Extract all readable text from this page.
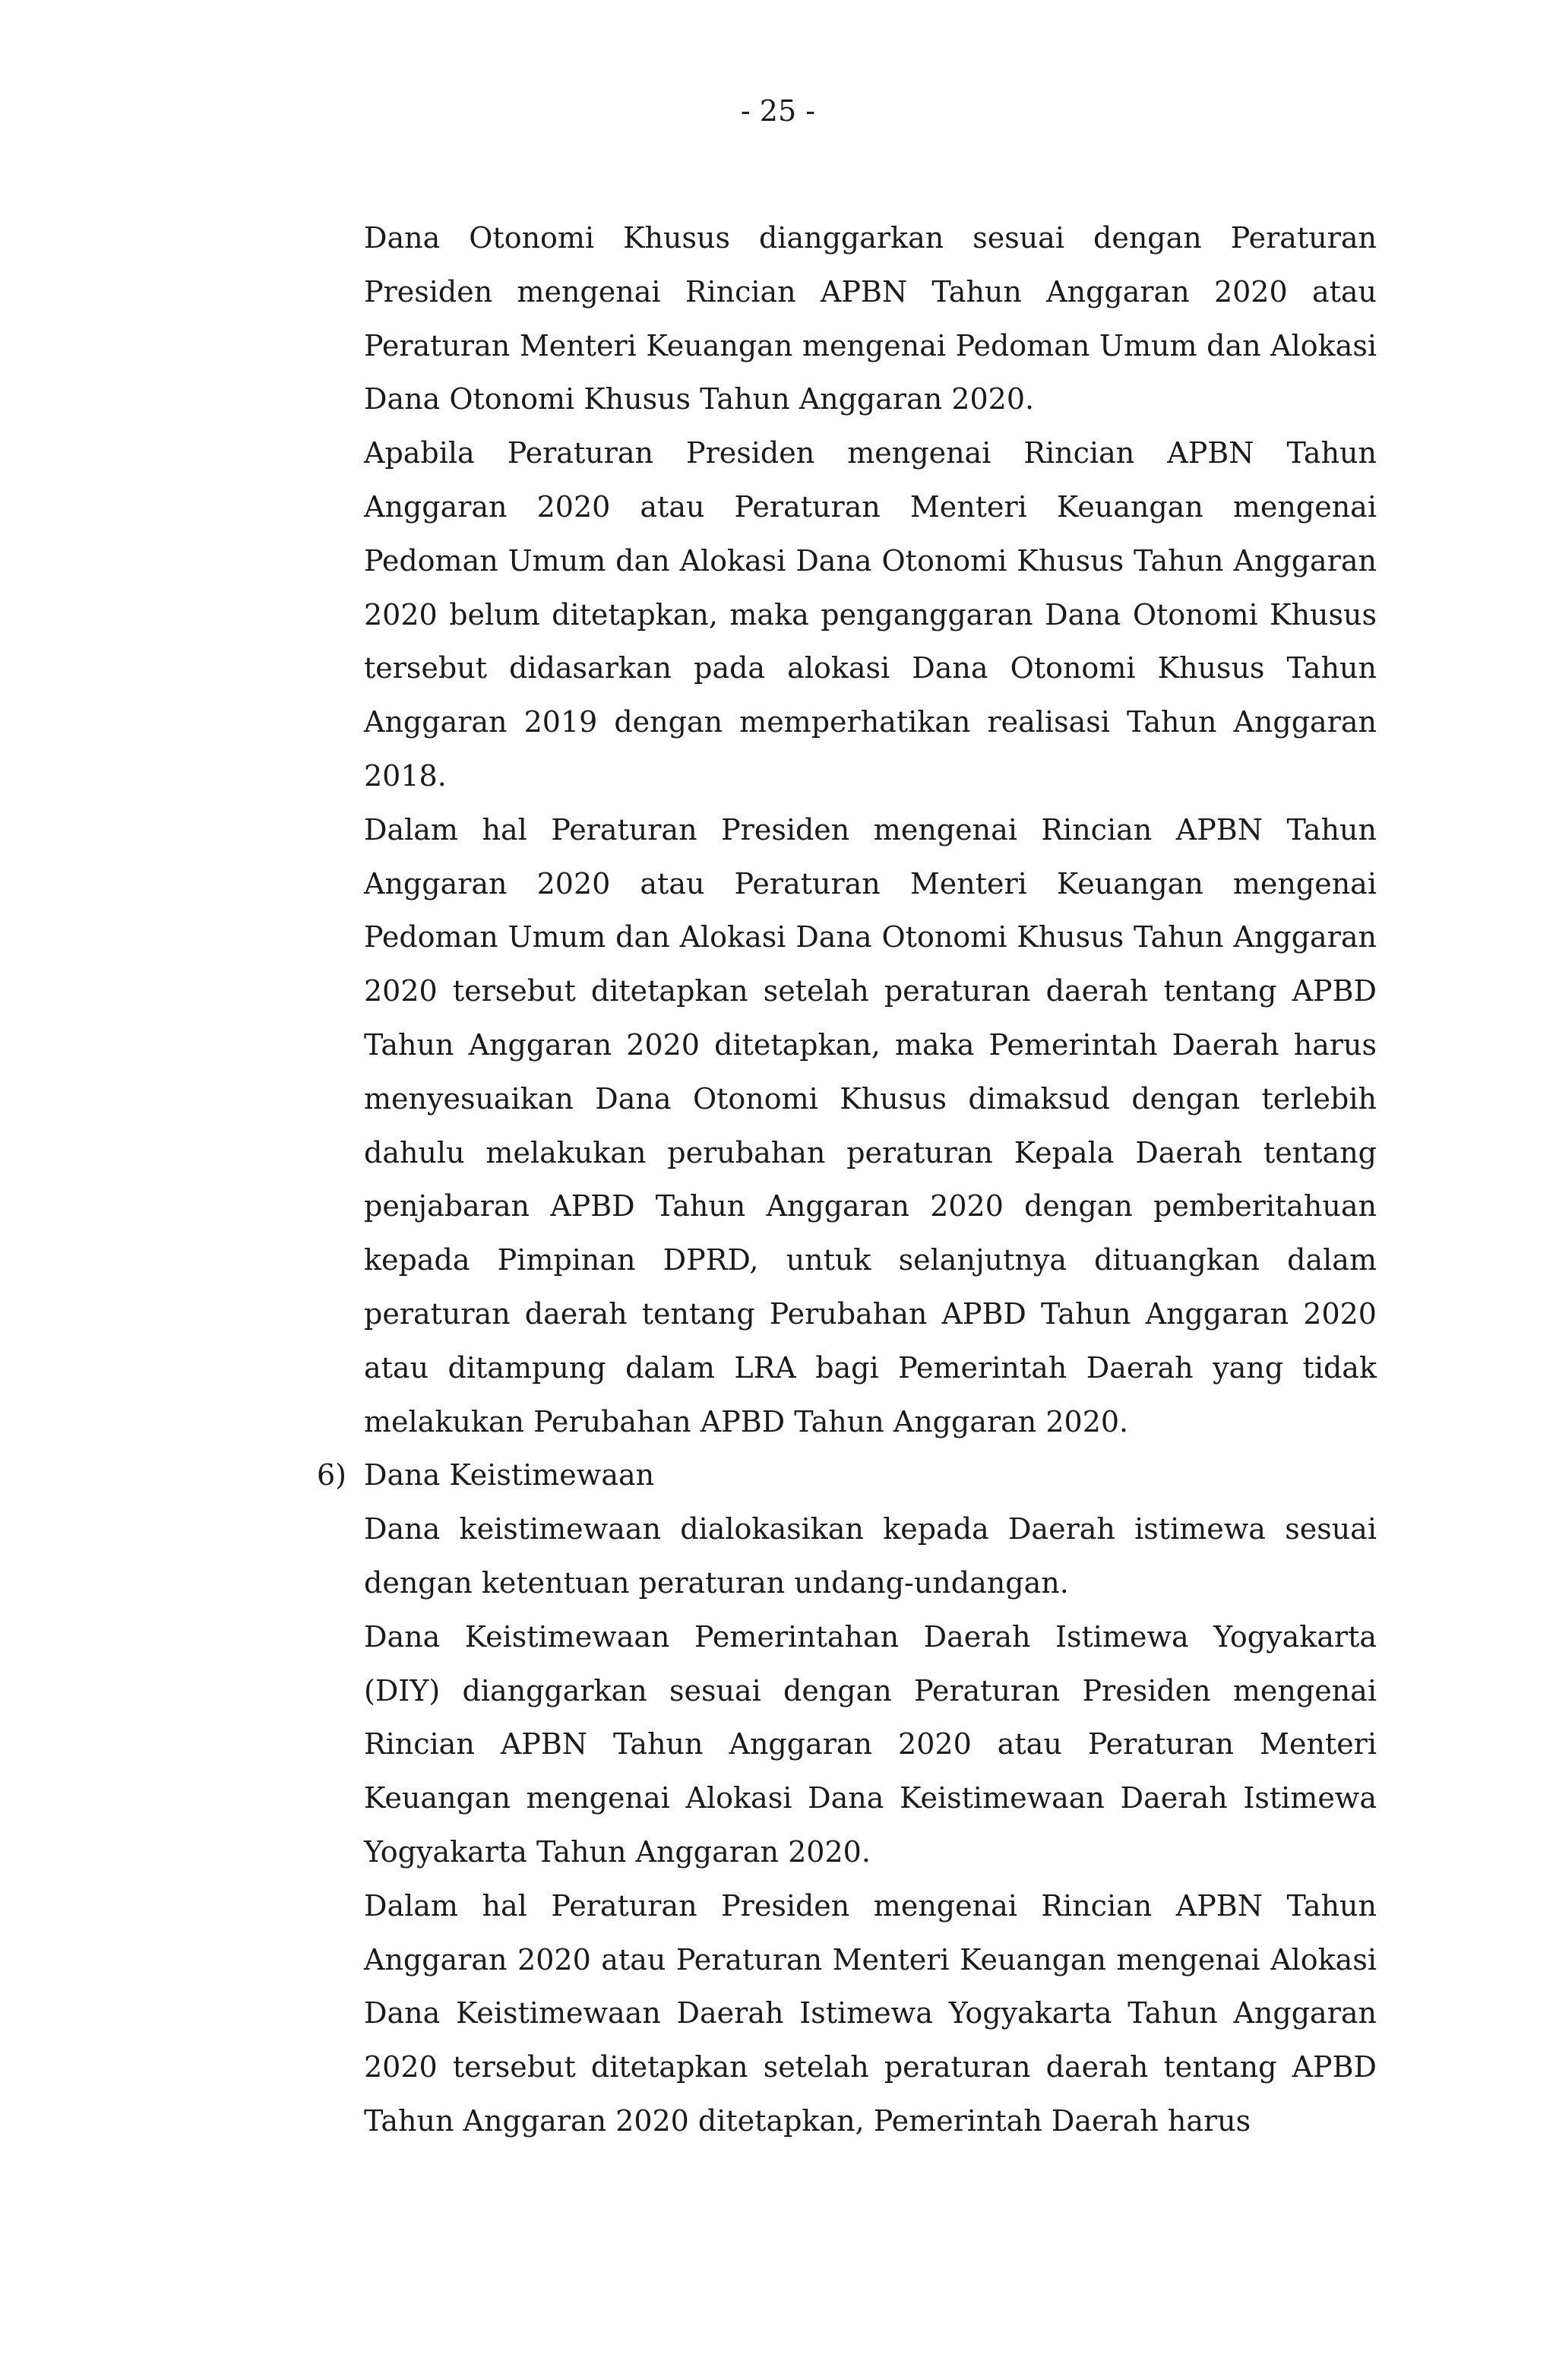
- 25 -

Dana Otonomi Khusus dianggarkan sesuai dengan Peraturan Presiden mengenai Rincian APBN Tahun Anggaran 2020 atau Peraturan Menteri Keuangan mengenai Pedoman Umum dan Alokasi Dana Otonomi Khusus Tahun Anggaran 2020.

Apabila Peraturan Presiden mengenai Rincian APBN Tahun Anggaran 2020 atau Peraturan Menteri Keuangan mengenai Pedoman Umum dan Alokasi Dana Otonomi Khusus Tahun Anggaran 2020 belum ditetapkan, maka penganggaran Dana Otonomi Khusus tersebut didasarkan pada alokasi Dana Otonomi Khusus Tahun Anggaran 2019 dengan memperhatikan realisasi Tahun Anggaran 2018.

Dalam hal Peraturan Presiden mengenai Rincian APBN Tahun Anggaran 2020 atau Peraturan Menteri Keuangan mengenai Pedoman Umum dan Alokasi Dana Otonomi Khusus Tahun Anggaran 2020 tersebut ditetapkan setelah peraturan daerah tentang APBD Tahun Anggaran 2020 ditetapkan, maka Pemerintah Daerah harus menyesuaikan Dana Otonomi Khusus dimaksud dengan terlebih dahulu melakukan perubahan peraturan Kepala Daerah tentang penjabaran APBD Tahun Anggaran 2020 dengan pemberitahuan kepada Pimpinan DPRD, untuk selanjutnya dituangkan dalam peraturan daerah tentang Perubahan APBD Tahun Anggaran 2020 atau ditampung dalam LRA bagi Pemerintah Daerah yang tidak melakukan Perubahan APBD Tahun Anggaran 2020.

6) Dana Keistimewaan

Dana keistimewaan dialokasikan kepada Daerah istimewa sesuai dengan ketentuan peraturan undang-undangan.

Dana Keistimewaan Pemerintahan Daerah Istimewa Yogyakarta (DIY) dianggarkan sesuai dengan Peraturan Presiden mengenai Rincian APBN Tahun Anggaran 2020 atau Peraturan Menteri Keuangan mengenai Alokasi Dana Keistimewaan Daerah Istimewa Yogyakarta Tahun Anggaran 2020.

Dalam hal Peraturan Presiden mengenai Rincian APBN Tahun Anggaran 2020 atau Peraturan Menteri Keuangan mengenai Alokasi Dana Keistimewaan Daerah Istimewa Yogyakarta Tahun Anggaran 2020 tersebut ditetapkan setelah peraturan daerah tentang APBD Tahun Anggaran 2020 ditetapkan, Pemerintah Daerah harus
